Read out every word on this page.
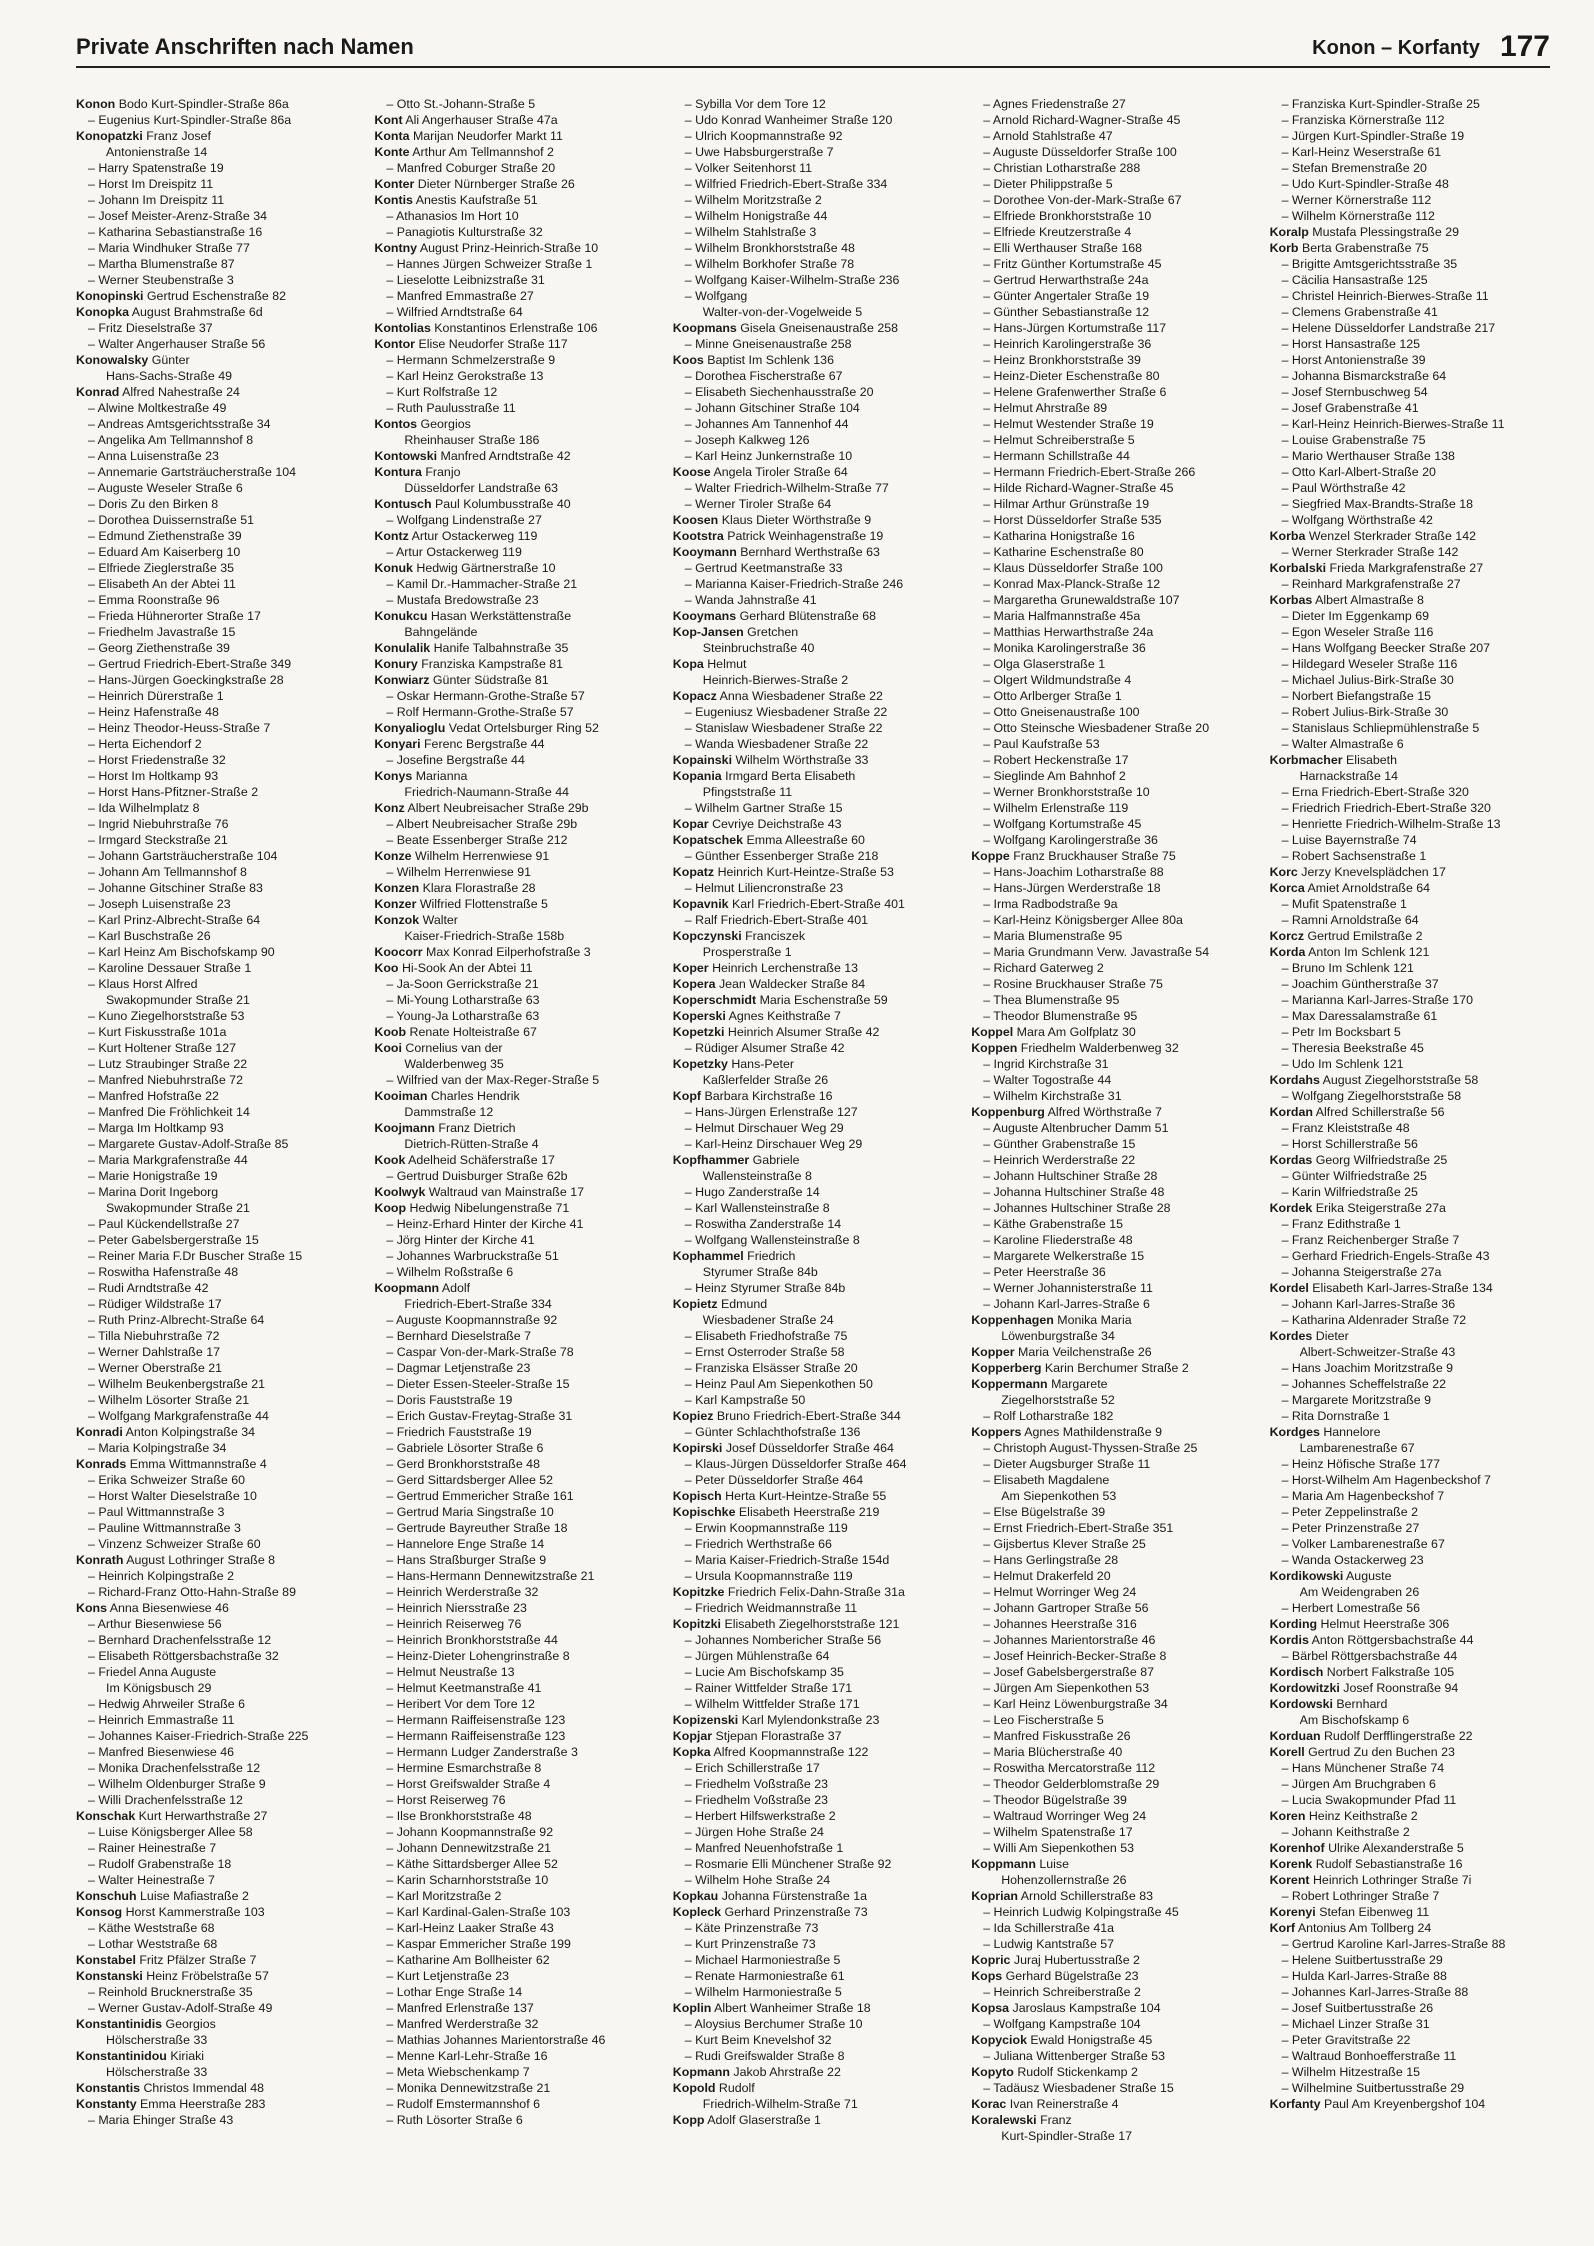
Private Anschriften nach Namen	Konon – Korfanty 177
Konon Bodo Kurt-Spindler-Straße 86a
– Eugenius Kurt-Spindler-Straße 86a
Konopatzki Franz Josef
Antonienstraße 14
– Harry Spatenstraße 19
– Horst Im Dreispitz 11
– Johann Im Dreispitz 11
– Josef Meister-Arenz-Straße 34
– Katharina Sebastianstraße 16
– Maria Windhuker Straße 77
– Martha Blumenstraße 87
– Werner Steubenstraße 3
Konopinski Gertrud Eschenstraße 82
Konopka August Brahmstraße 6d
– Fritz Dieselstraße 37
– Walter Angerhauser Straße 56
Konowalsky Günter
Hans-Sachs-Straße 49
Konrad Alfred Nahestraße 24
– Alwine Moltkestraße 49
– Andreas Amtsgerichtsstraße 34
– Angelika Am Tellmannshof 8
– Anna Luisenstraße 23
– Annemarie Gartsträucherstraße 104
– Auguste Weseler Straße 6
– Doris Zu den Birken 8
– Dorothea Duissernstraße 51
– Edmund Ziethenstraße 39
– Eduard Am Kaiserberg 10
– Elfriede Zieglerstraße 35
– Elisabeth An der Abtei 11
– Emma Roonstraße 96
– Frieda Hühnerorter Straße 17
– Friedhelm Javastraße 15
– Georg Ziethenstraße 39
– Gertrud Friedrich-Ebert-Straße 349
– Hans-Jürgen Goeckingkstraße 28
– Heinrich Dürerstraße 1
– Heinz Hafenstraße 48
– Heinz Theodor-Heuss-Straße 7
– Herta Eichendorf 2
– Horst Friedenstraße 32
– Horst Im Holtkamp 93
– Horst Hans-Pfitzner-Straße 2
– Ida Wilhelmplatz 8
– Ingrid Niebuhrstraße 76
– Irmgard Steckstraße 21
– Johann Gartsträucherstraße 104
– Johann Am Tellmannshof 8
– Johanne Gitschiner Straße 83
– Joseph Luisenstraße 23
– Karl Prinz-Albrecht-Straße 64
– Karl Buschstraße 26
– Karl Heinz Am Bischofskamp 90
– Karoline Dessauer Straße 1
– Klaus Horst Alfred
Swakopmunder Straße 21
– Kuno Ziegelhorststraße 53
– Kurt Fiskusstraße 101a
– Kurt Holtener Straße 127
– Lutz Straubinger Straße 22
– Manfred Niebuhrstraße 72
– Manfred Hofstraße 22
– Manfred Die Fröhlichkeit 14
– Marga Im Holtkamp 93
– Margarete Gustav-Adolf-Straße 85
– Maria Markgrafenstraße 44
– Marie Honigstraße 19
– Marina Dorit Ingeborg
Swakopmunder Straße 21
– Paul Kückendellstraße 27
– Peter Gabelsbergerstraße 15
– Reiner Maria F.Dr Buscher Straße 15
– Roswitha Hafenstraße 48
– Rudi Arndtstraße 42
– Rüdiger Wildstraße 17
– Ruth Prinz-Albrecht-Straße 64
– Tilla Niebuhrstraße 72
– Werner Dahlstraße 17
– Werner Oberstraße 21
– Wilhelm Beukenbergstraße 21
– Wilhelm Lösorter Straße 21
– Wolfgang Markgrafenstraße 44
Konradi Anton Kolpingstraße 34
– Maria Kolpingstraße 34
Konrads Emma Wittmannstraße 4
– Erika Schweizer Straße 60
– Horst Walter Dieselstraße 10
– Paul Wittmannstraße 3
– Pauline Wittmannstraße 3
– Vinzenz Schweizer Straße 60
Konrath August Lothringer Straße 8
– Heinrich Kolpingstraße 2
– Richard-Franz Otto-Hahn-Straße 89
Kons Anna Biesenwiese 46
– Arthur Biesenwiese 56
– Bernhard Drachenfelsstraße 12
– Elisabeth Röttgersbachstraße 32
– Friedel Anna Auguste
Im Königsbusch 29
– Hedwig Ahrweiler Straße 6
– Heinrich Emmastraße 11
– Johannes Kaiser-Friedrich-Straße 225
– Manfred Biesenwiese 46
– Monika Drachenfelsstraße 12
– Wilhelm Oldenburger Straße 9
– Willi Drachenfelsstraße 12
Konschak Kurt Herwarthstraße 27
– Luise Königsberger Allee 58
– Rainer Heinestraße 7
– Rudolf Grabenstraße 18
– Walter Heinestraße 7
Konschuh Luise Mafiastraße 2
Konsog Horst Kammerstraße 103
– Käthe Weststraße 68
– Lothar Weststraße 68
Konstabel Fritz Pfälzer Straße 7
Konstanski Heinz Fröbelstraße 57
– Reinhold Brucknerstraße 35
– Werner Gustav-Adolf-Straße 49
Konstantinidis Georgios
Hölscherstraße 33
Konstantinidou Kiriaki
Hölscherstraße 33
Konstantis Christos Immendal 48
Konstanty Emma Heerstraße 283
– Maria Ehinger Straße 43
– Otto St.-Johann-Straße 5
Kont Ali Angerhauser Straße 47a
Konta Marijan Neudorfer Markt 11
Konte Arthur Am Tellmannshof 2
– Manfred Coburger Straße 20
Konter Dieter Nürnberger Straße 26
Kontis Anestis Kaufstraße 51
– Athanasios Im Hort 10
– Panagiotis Kulturstraße 32
Kontny August Prinz-Heinrich-Straße 10
– Hannes Jürgen Schweizer Straße 1
– Lieselotte Leibnizstraße 31
– Manfred Emmastraße 27
– Wilfried Arndtstraße 64
Kontolias Konstantinos Erlenstraße 106
Kontor Elise Neudorfer Straße 117
– Hermann Schmelzerstraße 9
– Karl Heinz Gerokstraße 13
– Kurt Rolfstraße 12
– Ruth Paulusstraße 11
Kontos Georgios
Rheinhauser Straße 186
Kontowski Manfred Arndtstraße 42
Kontura Franjo
Düsseldorfer Landstraße 63
Kontusch Paul Kolumbusstraße 40
– Wolfgang Lindenstraße 27
Kontz Artur Ostackerweg 119
– Artur Ostackerweg 119
Konuk Hedwig Gärtnerstraße 10
– Kamil Dr.-Hammacher-Straße 21
– Mustafa Bredowstraße 23
Konukcu Hasan Werkstättenstraße
Bahngelände
Konulalik Hanife Talbahnstraße 35
Konury Franziska Kampstraße 81
Konwiarz Günter Südstraße 81
– Oskar Hermann-Grothe-Straße 57
– Rolf Hermann-Grothe-Straße 57
Konyalioglu Vedat Ortelsburger Ring 52
Konyari Ferenc Bergstraße 44
– Josefine Bergstraße 44
Konys Marianna
Friedrich-Naumann-Straße 44
Konz Albert Neubreisacher Straße 29b
– Albert Neubreisacher Straße 29b
– Beate Essenberger Straße 212
Konze Wilhelm Herrenwiese 91
– Wilhelm Herrenwiese 91
Konzen Klara Florastraße 28
Konzer Wilfried Flottenstraße 5
Konzok Walter
Kaiser-Friedrich-Straße 158b
Koocorr Max Konrad Eilperhofstraße 3
Koo Hi-Sook An der Abtei 11
– Ja-Soon Gerrickstraße 21
– Mi-Young Lotharstraße 63
– Young-Ja Lotharstraße 63
Koob Renate Holteistraße 67
Kooi Cornelius van der
Walderbenweg 35
– Wilfried van der Max-Reger-Straße 5
Kooiman Charles Hendrik
Dammstraße 12
Koojmann Franz Dietrich
Dietrich-Rütten-Straße 4
Kook Adelheid Schäferstraße 17
– Gertrud Duisburger Straße 62b
Koolwyk Waltraud van Mainstraße 17
Koop Hedwig Nibelungenstraße 71
– Heinz-Erhard Hinter der Kirche 41
– Jörg Hinter der Kirche 41
– Johannes Warbruckstraße 51
– Wilhelm Roßstraße 6
Koopmann Adolf
Friedrich-Ebert-Straße 334
– Auguste Koopmannstraße 92
– Bernhard Dieselstraße 7
– Caspar Von-der-Mark-Straße 78
– Dagmar Letjenstraße 23
– Dieter Essen-Steeler-Straße 15
– Doris Fauststraße 19
– Erich Gustav-Freytag-Straße 31
– Friedrich Fauststraße 19
– Gabriele Lösorter Straße 6
– Gerd Bronkhorststraße 48
– Gerd Sittardsberger Allee 52
– Gertrud Emmericher Straße 161
– Gertrud Maria Singstraße 10
– Gertrude Bayreuther Straße 18
– Hannelore Enge Straße 14
– Hans Straßburger Straße 9
– Hans-Hermann Dennewitzstraße 21
– Heinrich Werderstraße 32
– Heinrich Niersstraße 23
– Heinrich Reiserweg 76
– Heinrich Bronkhorststraße 44
– Heinz-Dieter Lohengrinstraße 8
– Helmut Neustraße 13
– Helmut Keetmanstraße 41
– Heribert Vor dem Tore 12
– Hermann Raiffeisenstraße 123
– Hermann Raiffeisenstraße 123
– Hermann Ludger Zanderstraße 3
– Hermine Esmarchstraße 8
– Horst Greifswalder Straße 4
– Horst Reiserweg 76
– Ilse Bronkhorststraße 48
– Johann Koopmannstraße 92
– Johann Dennewitzstraße 21
– Käthe Sittardsberger Allee 52
– Karin Scharnhorststraße 10
– Karl Moritzstraße 2
– Karl Kardinal-Galen-Straße 103
– Karl-Heinz Laaker Straße 43
– Kaspar Emmericher Straße 199
– Katharine Am Bollheister 62
– Kurt Letjenstraße 23
– Lothar Enge Straße 14
– Manfred Erlenstraße 137
– Manfred Werderstraße 32
– Mathias Johannes Marientorstraße 46
– Menne Karl-Lehr-Straße 16
– Meta Wiebschenkamp 7
– Monika Dennewitzstraße 21
– Rudolf Emstermannshof 6
– Ruth Lösorter Straße 6
– Sybilla Vor dem Tore 12
– Udo Konrad Wanheimer Straße 120
– Ulrich Koopmannstraße 92
– Uwe Habsburgerstraße 7
– Volker Seitenhorst 11
– Wilfried Friedrich-Ebert-Straße 334
– Wilhelm Moritzstraße 2
– Wilhelm Honigstraße 44
– Wilhelm Stahlstraße 3
– Wilhelm Bronkhorststraße 48
– Wilhelm Borkhofer Straße 78
– Wolfgang Kaiser-Wilhelm-Straße 236
– Wolfgang
Walter-von-der-Vogelweide 5
Koopmans Gisela Gneisenaustraße 258
– Minne Gneisenaustraße 258
Koos Baptist Im Schlenk 136
– Dorothea Fischerstraße 67
– Elisabeth Siechenhausstraße 20
– Johann Gitschiner Straße 104
– Johannes Am Tannenhof 44
– Joseph Kalkweg 126
– Karl Heinz Junkernstraße 10
Koose Angela Tiroler Straße 64
– Walter Friedrich-Wilhelm-Straße 77
– Werner Tiroler Straße 64
Koosen Klaus Dieter Wörthstraße 9
Kootstra Patrick Weinhagenstraße 19
Kooymann Bernhard Werthstraße 63
– Gertrud Keetmanstraße 33
– Marianna Kaiser-Friedrich-Straße 246
– Wanda Jahnstraße 41
Kooymans Gerhard Blütenstraße 68
Kop-Jansen Gretchen
Steinbruchstraße 40
Kopa Helmut
Heinrich-Bierwes-Straße 2
Kopacz Anna Wiesbadener Straße 22
– Eugeniusz Wiesbadener Straße 22
– Stanislaw Wiesbadener Straße 22
– Wanda Wiesbadener Straße 22
Kopainski Wilhelm Wörthstraße 33
Kopania Irmgard Berta Elisabeth
Pfingststraße 11
– Wilhelm Gartner Straße 15
Kopar Cevriye Deichstraße 43
Kopatschek Emma Alleestraße 60
– Günther Essenberger Straße 218
Kopatz Heinrich Kurt-Heintze-Straße 53
– Helmut Liliencronstraße 23
Kopavnik Karl Friedrich-Ebert-Straße 401
– Ralf Friedrich-Ebert-Straße 401
Kopczynski Franciszek
Prosperstraße 1
Koper Heinrich Lerchenstraße 13
Kopera Jean Waldecker Straße 84
Koperschmidt Maria Eschenstraße 59
Koperski Agnes Keithstraße 7
Kopetzki Heinrich Alsumer Straße 42
– Rüdiger Alsumer Straße 42
Kopetzky Hans-Peter
Kaßlerfelder Straße 26
Kopf Barbara Kirchstraße 16
– Hans-Jürgen Erlenstraße 127
– Helmut Dirschauer Weg 29
– Karl-Heinz Dirschauer Weg 29
Kopfhammer Gabriele
Wallensteinstraße 8
– Hugo Zanderstraße 14
– Karl Wallensteinstraße 8
– Roswitha Zanderstraße 14
– Wolfgang Wallensteinstraße 8
Kophammel Friedrich
Styrumer Straße 84b
– Heinz Styrumer Straße 84b
Kopietz Edmund
Wiesbadener Straße 24
– Elisabeth Friedhofstraße 75
– Ernst Osterroder Straße 58
– Franziska Elsässer Straße 20
– Heinz Paul Am Siepenkothen 50
– Karl Kampstraße 50
Kopiez Bruno Friedrich-Ebert-Straße 344
– Günter Schlachthofstraße 136
Kopirski Josef Düsseldorfer Straße 464
– Klaus-Jürgen Düsseldorfer Straße 464
– Peter Düsseldorfer Straße 464
Kopisch Herta Kurt-Heintze-Straße 55
Kopischke Elisabeth Heerstraße 219
– Erwin Koopmannstraße 119
– Friedrich Werthstraße 66
– Maria Kaiser-Friedrich-Straße 154d
– Ursula Koopmannstraße 119
Kopitzke Friedrich Felix-Dahn-Straße 31a
– Friedrich Weidmannstraße 11
Kopitzki Elisabeth Ziegelhorststraße 121
– Johannes Nombericher Straße 56
– Jürgen Mühlenstraße 64
– Lucie Am Bischofskamp 35
– Rainer Wittfelder Straße 171
– Wilhelm Wittfelder Straße 171
Kopizenski Karl Mylendonkstraße 23
Kopjar Stjepan Florastraße 37
Kopka Alfred Koopmannstraße 122
– Erich Schillerstraße 17
– Friedhelm Voßstraße 23
– Friedhelm Voßstraße 23
– Herbert Hilfswerkstraße 2
– Jürgen Hohe Straße 24
– Manfred Neuenhofstraße 1
– Rosmarie Elli Münchener Straße 92
– Wilhelm Hohe Straße 24
Kopkau Johanna Fürstenstraße 1a
Kopleck Gerhard Prinzenstraße 73
– Käte Prinzenstraße 73
– Kurt Prinzenstraße 73
– Michael Harmoniestraße 5
– Renate Harmoniestraße 61
– Wilhelm Harmoniestraße 5
Koplin Albert Wanheimer Straße 18
– Aloysius Berchumer Straße 10
– Kurt Beim Knevelshof 32
– Rudi Greifswalder Straße 8
Kopmann Jakob Ahrstraße 22
Kopold Rudolf
Friedrich-Wilhelm-Straße 71
Kopp Adolf Glaserstraße 1
– Agnes Friedenstraße 27
– Arnold Richard-Wagner-Straße 45
– Arnold Stahlstraße 47
– Auguste Düsseldorfer Straße 100
– Christian Lotharstraße 288
– Dieter Philippstraße 5
– Dorothee Von-der-Mark-Straße 67
– Elfriede Bronkhorststraße 10
– Elfriede Kreutzerstraße 4
– Elli Werthauser Straße 168
– Fritz Günther Kortumstraße 45
– Gertrud Herwarthstraße 24a
– Günter Angertaler Straße 19
– Günther Sebastianstraße 12
– Hans-Jürgen Kortumstraße 117
– Heinrich Karolingerstraße 36
– Heinz Bronkhorststraße 39
– Heinz-Dieter Eschenstraße 80
– Helene Grafenwerther Straße 6
– Helmut Ahrstraße 89
– Helmut Westender Straße 19
– Helmut Schreiberstraße 5
– Hermann Schillstraße 44
– Hermann Friedrich-Ebert-Straße 266
– Hilde Richard-Wagner-Straße 45
– Hilmar Arthur Grünstraße 19
– Horst Düsseldorfer Straße 535
– Katharina Honigstraße 16
– Katharine Eschenstraße 80
– Klaus Düsseldorfer Straße 100
– Konrad Max-Planck-Straße 12
– Margaretha Grunewaldstraße 107
– Maria Halfmannstraße 45a
– Matthias Herwarthstraße 24a
– Monika Karolingerstraße 36
– Olga Glaserstraße 1
– Olgert Wildmundstraße 4
– Otto Arlberger Straße 1
– Otto Gneisenaustraße 100
– Otto Steinsche Wiesbadener Straße 20
– Paul Kaufstraße 53
– Robert Heckenstraße 17
– Sieglinde Am Bahnhof 2
– Werner Bronkhorststraße 10
– Wilhelm Erlenstraße 119
– Wolfgang Kortumstraße 45
– Wolfgang Karolingerstraße 36
Koppe Franz Bruckhauser Straße 75
– Hans-Joachim Lotharstraße 88
– Hans-Jürgen Werderstraße 18
– Irma Radbodstraße 9a
– Karl-Heinz Königsberger Allee 80a
– Maria Blumenstraße 95
– Maria Grundmann Verw. Javastraße 54
– Richard Gaterweg 2
– Rosine Bruckhauser Straße 75
– Thea Blumenstraße 95
– Theodor Blumenstraße 95
Koppel Mara Am Golfplatz 30
Koppen Friedhelm Walderbenweg 32
– Ingrid Kirchstraße 31
– Walter Togostraße 44
– Wilhelm Kirchstraße 31
Koppenburg Alfred Wörthstraße 7
– Auguste Altenbrucher Damm 51
– Günther Grabenstraße 15
– Heinrich Werderstraße 22
– Johann Hultschiner Straße 28
– Johanna Hultschiner Straße 48
– Johannes Hultschiner Straße 28
– Käthe Grabenstraße 15
– Karoline Fliederstraße 48
– Margarete Welkerstraße 15
– Peter Heerstraße 36
– Werner Johannisterstraße 11
– Johann Karl-Jarres-Straße 6
Koppenhagen Monika Maria
Löwenburgstraße 34
Kopper Maria Veilchenstraße 26
Kopperberg Karin Berchumer Straße 2
Koppermann Margarete
Ziegelhorststraße 52
– Rolf Lotharstraße 182
Koppers Agnes Mathildenstraße 9
– Christoph August-Thyssen-Straße 25
– Dieter Augsburger Straße 11
– Elisabeth Magdalene
Am Siepenkothen 53
– Else Bügelstraße 39
– Ernst Friedrich-Ebert-Straße 351
– Gijsbertus Klever Straße 25
– Hans Gerlingstraße 28
– Helmut Drakerfeld 20
– Helmut Worringer Weg 24
– Johann Gartroper Straße 56
– Johannes Heerstraße 316
– Johannes Marientorstraße 46
– Josef Heinrich-Becker-Straße 8
– Josef Gabelsbergerstraße 87
– Jürgen Am Siepenkothen 53
– Karl Heinz Löwenburgstraße 34
– Leo Fischerstraße 5
– Manfred Fiskusstraße 26
– Maria Blücherstraße 40
– Roswitha Mercatorstraße 112
– Theodor Gelderblomstraße 29
– Theodor Bügelstraße 39
– Waltraud Worringer Weg 24
– Wilhelm Spatenstraße 17
– Willi Am Siepenkothen 53
Koppmann Luise
Hohenzollernstraße 26
Koprian Arnold Schillerstraße 83
– Heinrich Ludwig Kolpingstraße 45
– Ida Schillerstraße 41a
– Ludwig Kantstraße 57
Kopric Juraj Hubertusstraße 2
Kops Gerhard Bügelstraße 23
– Heinrich Schreiberstraße 2
Kopsa Jaroslaus Kampstraße 104
– Wolfgang Kampstraße 104
Kopyciok Ewald Honigstraße 45
– Juliana Wittenberger Straße 53
Kopyto Rudolf Stickenkamp 2
– Tadäusz Wiesbadener Straße 15
Korac Ivan Reinerstraße 4
Koralewski Franz
Kurt-Spindler-Straße 17
– Franziska Kurt-Spindler-Straße 25
– Franziska Körnerstraße 112
– Jürgen Kurt-Spindler-Straße 19
– Karl-Heinz Weserstraße 61
– Stefan Bremenstraße 20
– Udo Kurt-Spindler-Straße 48
– Werner Körnerstraße 112
– Wilhelm Körnerstraße 112
Koralp Mustafa Plessingstraße 29
Korb Berta Grabenstraße 75
– Brigitte Amtsgerichtsstraße 35
– Cäcilia Hansastraße 125
– Christel Heinrich-Bierwes-Straße 11
– Clemens Grabenstraße 41
– Helene Düsseldorfer Landstraße 217
– Horst Hansastraße 125
– Horst Antonienstraße 39
– Johanna Bismarckstraße 64
– Josef Sternbuschweg 54
– Josef Grabenstraße 41
– Karl-Heinz Heinrich-Bierwes-Straße 11
– Louise Grabenstraße 75
– Mario Werthauser Straße 138
– Otto Karl-Albert-Straße 20
– Paul Wörthstraße 42
– Siegfried Max-Brandts-Straße 18
– Wolfgang Wörthstraße 42
Korba Wenzel Sterkrader Straße 142
– Werner Sterkrader Straße 142
Korbalski Frieda Markgrafenstraße 27
– Reinhard Markgrafenstraße 27
Korbas Albert Almastraße 8
– Dieter Im Eggenkamp 69
– Egon Weseler Straße 116
– Hans Wolfgang Beecker Straße 207
– Hildegard Weseler Straße 116
– Michael Julius-Birk-Straße 30
– Norbert Biefangstraße 15
– Robert Julius-Birk-Straße 30
– Stanislaus Schliepmühlenstraße 5
– Walter Almastraße 6
Korbmacher Elisabeth
Harnackstraße 14
– Erna Friedrich-Ebert-Straße 320
– Friedrich Friedrich-Ebert-Straße 320
– Henriette Friedrich-Wilhelm-Straße 13
– Luise Bayernstraße 74
– Robert Sachsenstraße 1
Korc Jerzy Knevelsplädchen 17
Korca Amiet Arnoldstraße 64
– Mufit Spatenstraße 1
– Ramni Arnoldstraße 64
Korcz Gertrud Emilstraße 2
Korda Anton Im Schlenk 121
– Bruno Im Schlenk 121
– Joachim Güntherstraße 37
– Marianna Karl-Jarres-Straße 170
– Max Daressalamstraße 61
– Petr Im Bocksbart 5
– Theresia Beekstraße 45
– Udo Im Schlenk 121
Kordahs August Ziegelhorststraße 58
– Wolfgang Ziegelhorststraße 58
Kordan Alfred Schillerstraße 56
– Franz Kleiststraße 48
– Horst Schillerstraße 56
Kordas Georg Wilfriedstraße 25
– Günter Wilfriedstraße 25
– Karin Wilfriedstraße 25
Kordek Erika Steigerstraße 27a
– Franz Edithstraße 1
– Franz Reichenberger Straße 7
– Gerhard Friedrich-Engels-Straße 43
– Johanna Steigerstraße 27a
Kordel Elisabeth Karl-Jarres-Straße 134
– Johann Karl-Jarres-Straße 36
– Katharina Aldenrader Straße 72
Kordes Dieter
Albert-Schweitzer-Straße 43
– Hans Joachim Moritzstraße 9
– Johannes Scheffelstraße 22
– Margarete Moritzstraße 9
– Rita Dornstraße 1
Kordges Hannelore
Lambarenestraße 67
– Heinz Höfische Straße 177
– Horst-Wilhelm Am Hagenbeckshof 7
– Maria Am Hagenbeckshof 7
– Peter Zeppelinstraße 2
– Peter Prinzenstraße 27
– Volker Lambarenestraße 67
– Wanda Ostackerweg 23
Kordikowski Auguste
Am Weidengraben 26
– Herbert Lomestraße 56
Kording Helmut Heerstraße 306
Kordis Anton Röttgersbachstraße 44
– Bärbel Röttgersbachstraße 44
Kordisch Norbert Falkstraße 105
Kordowitzki Josef Roonstraße 94
Kordowski Bernhard
Am Bischofskamp 6
Korduan Rudolf Derfflingerstraße 22
Korell Gertrud Zu den Buchen 23
– Hans Münchener Straße 74
– Jürgen Am Bruchgraben 6
– Lucia Swakopmunder Pfad 11
Koren Heinz Keithstraße 2
– Johann Keithstraße 2
Korenhof Ulrike Alexanderstraße 5
Korenk Rudolf Sebastianstraße 16
Korent Heinrich Lothringer Straße 7i
– Robert Lothringer Straße 7
Korenyi Stefan Eibenweg 11
Korf Antonius Am Tollberg 24
– Gertrud Karoline Karl-Jarres-Straße 88
– Helene Suitbertusstraße 29
– Hulda Karl-Jarres-Straße 88
– Johannes Karl-Jarres-Straße 88
– Josef Suitbertusstraße 26
– Michael Linzer Straße 31
– Peter Gravitstraße 22
– Waltraud Bonhoefferstraße 11
– Wilhelm Hitzestraße 15
– Wilhelmine Suitbertusstraße 29
Korfanty Paul Am Kreyenbergshof 104
